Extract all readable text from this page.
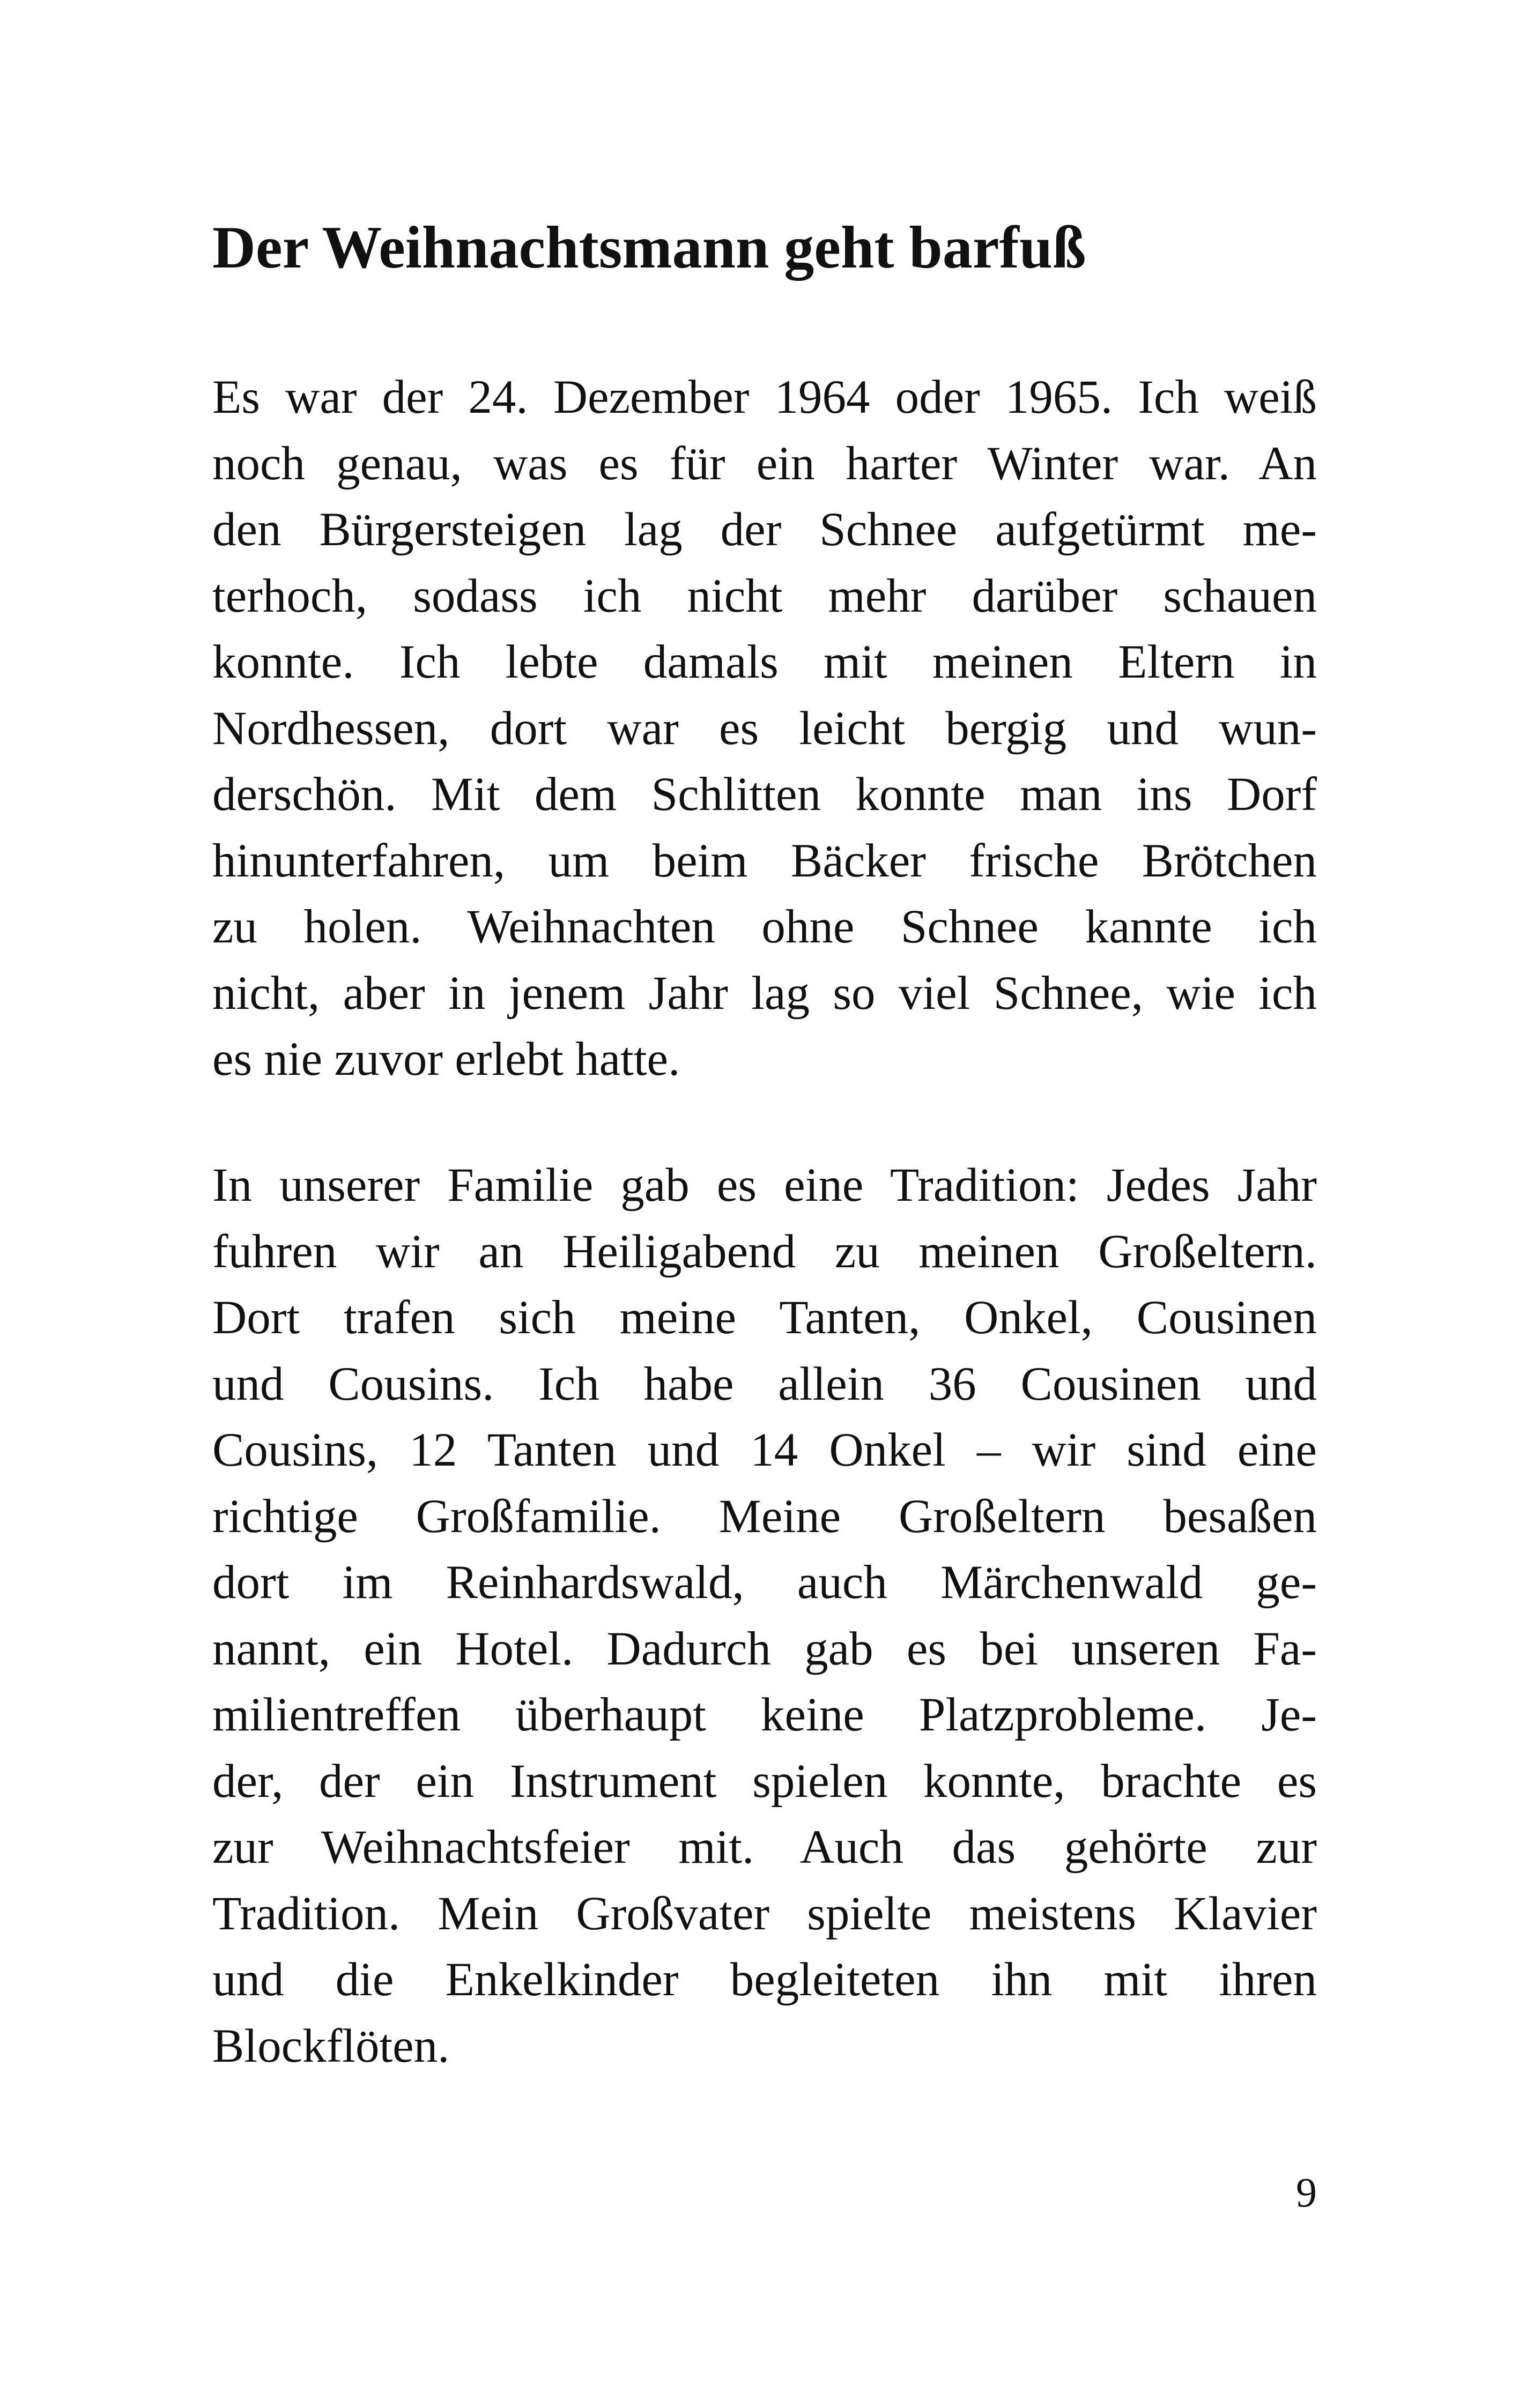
Der Weihnachtsmann geht barfuß
Es war der 24. Dezember 1964 oder 1965. Ich weiß
noch genau, was es für ein harter Winter war. An
den Bürgersteigen lag der Schnee aufgetürmt me-
terhoch, sodass ich nicht mehr darüber schauen
konnte. Ich lebte damals mit meinen Eltern in
Nordhessen, dort war es leicht bergig und wun-
derschön. Mit dem Schlitten konnte man ins Dorf
hinunterfahren, um beim Bäcker frische Brötchen
zu holen. Weihnachten ohne Schnee kannte ich
nicht, aber in jenem Jahr lag so viel Schnee, wie ich
es nie zuvor erlebt hatte.
In unserer Familie gab es eine Tradition: Jedes Jahr
fuhren wir an Heiligabend zu meinen Großeltern.
Dort trafen sich meine Tanten, Onkel, Cousinen
und Cousins. Ich habe allein 36 Cousinen und
Cousins, 12 Tanten und 14 Onkel – wir sind eine
richtige Großfamilie. Meine Großeltern besaßen
dort im Reinhardswald, auch Märchenwald ge-
nannt, ein Hotel. Dadurch gab es bei unseren Fa-
milientreffen überhaupt keine Platzprobleme. Je-
der, der ein Instrument spielen konnte, brachte es
zur Weihnachtsfeier mit. Auch das gehörte zur
Tradition. Mein Großvater spielte meistens Klavier
und die Enkelkinder begleiteten ihn mit ihren
Blockflöten.
9
